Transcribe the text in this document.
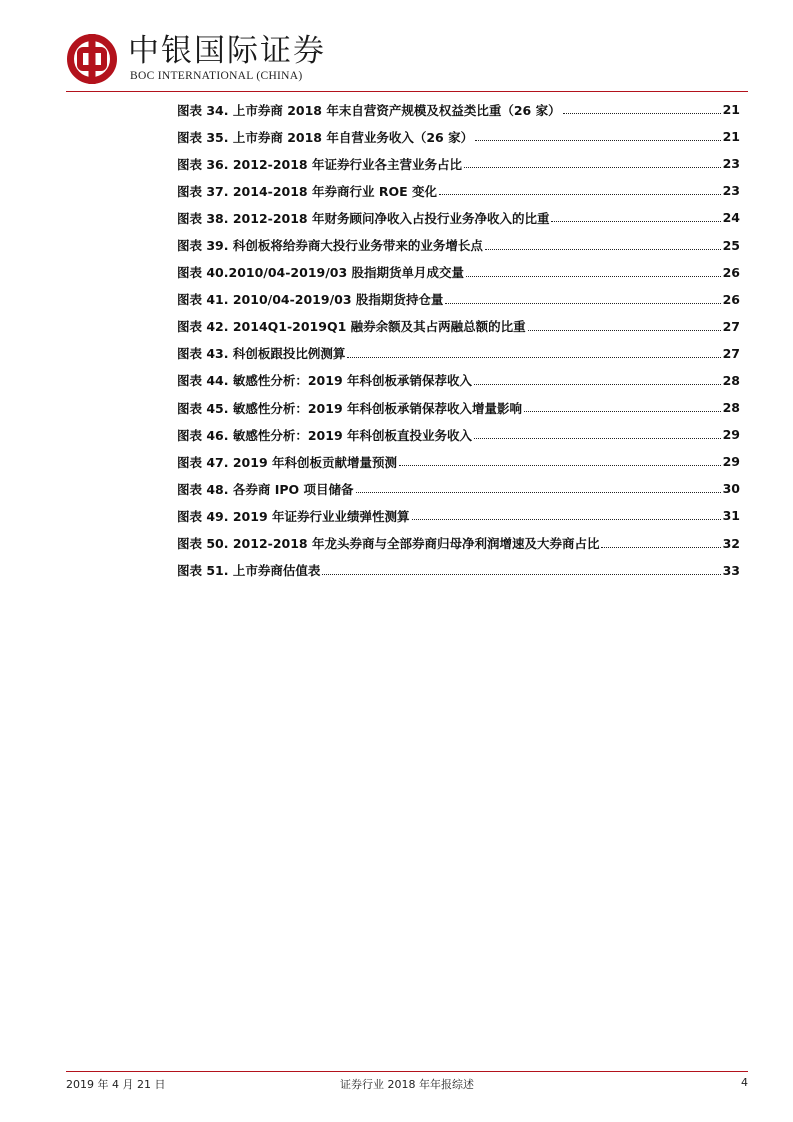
中银国际证券
BOC INTERNATIONAL (CHINA)
图表 34. 上市券商 2018 年末自营资产规模及权益类比重（26 家）	21
图表 35. 上市券商 2018 年自营业务收入（26 家）	21
图表 36. 2012-2018 年证券行业各主营业务占比	23
图表 37. 2014-2018 年券商行业 ROE 变化	23
图表 38. 2012-2018 年财务顾问净收入占投行业务净收入的比重	24
图表 39. 科创板将给券商大投行业务带来的业务增长点	25
图表 40.2010/04-2019/03 股指期货单月成交量	26
图表 41. 2010/04-2019/03 股指期货持仓量	26
图表 42. 2014Q1-2019Q1 融券余额及其占两融总额的比重	27
图表 43. 科创板跟投比例测算	27
图表 44. 敏感性分析：2019 年科创板承销保荐收入	28
图表 45. 敏感性分析：2019 年科创板承销保荐收入增量影响	28
图表 46. 敏感性分析：2019 年科创板直投业务收入	29
图表 47. 2019 年科创板贡献增量预测	29
图表 48. 各券商 IPO 项目储备	30
图表 49. 2019 年证券行业业绩弹性测算	31
图表 50. 2012-2018 年龙头券商与全部券商归母净利润增速及大券商占比	32
图表 51. 上市券商估值表	33
2019 年 4 月 21 日	证券行业 2018 年年报综述	4
